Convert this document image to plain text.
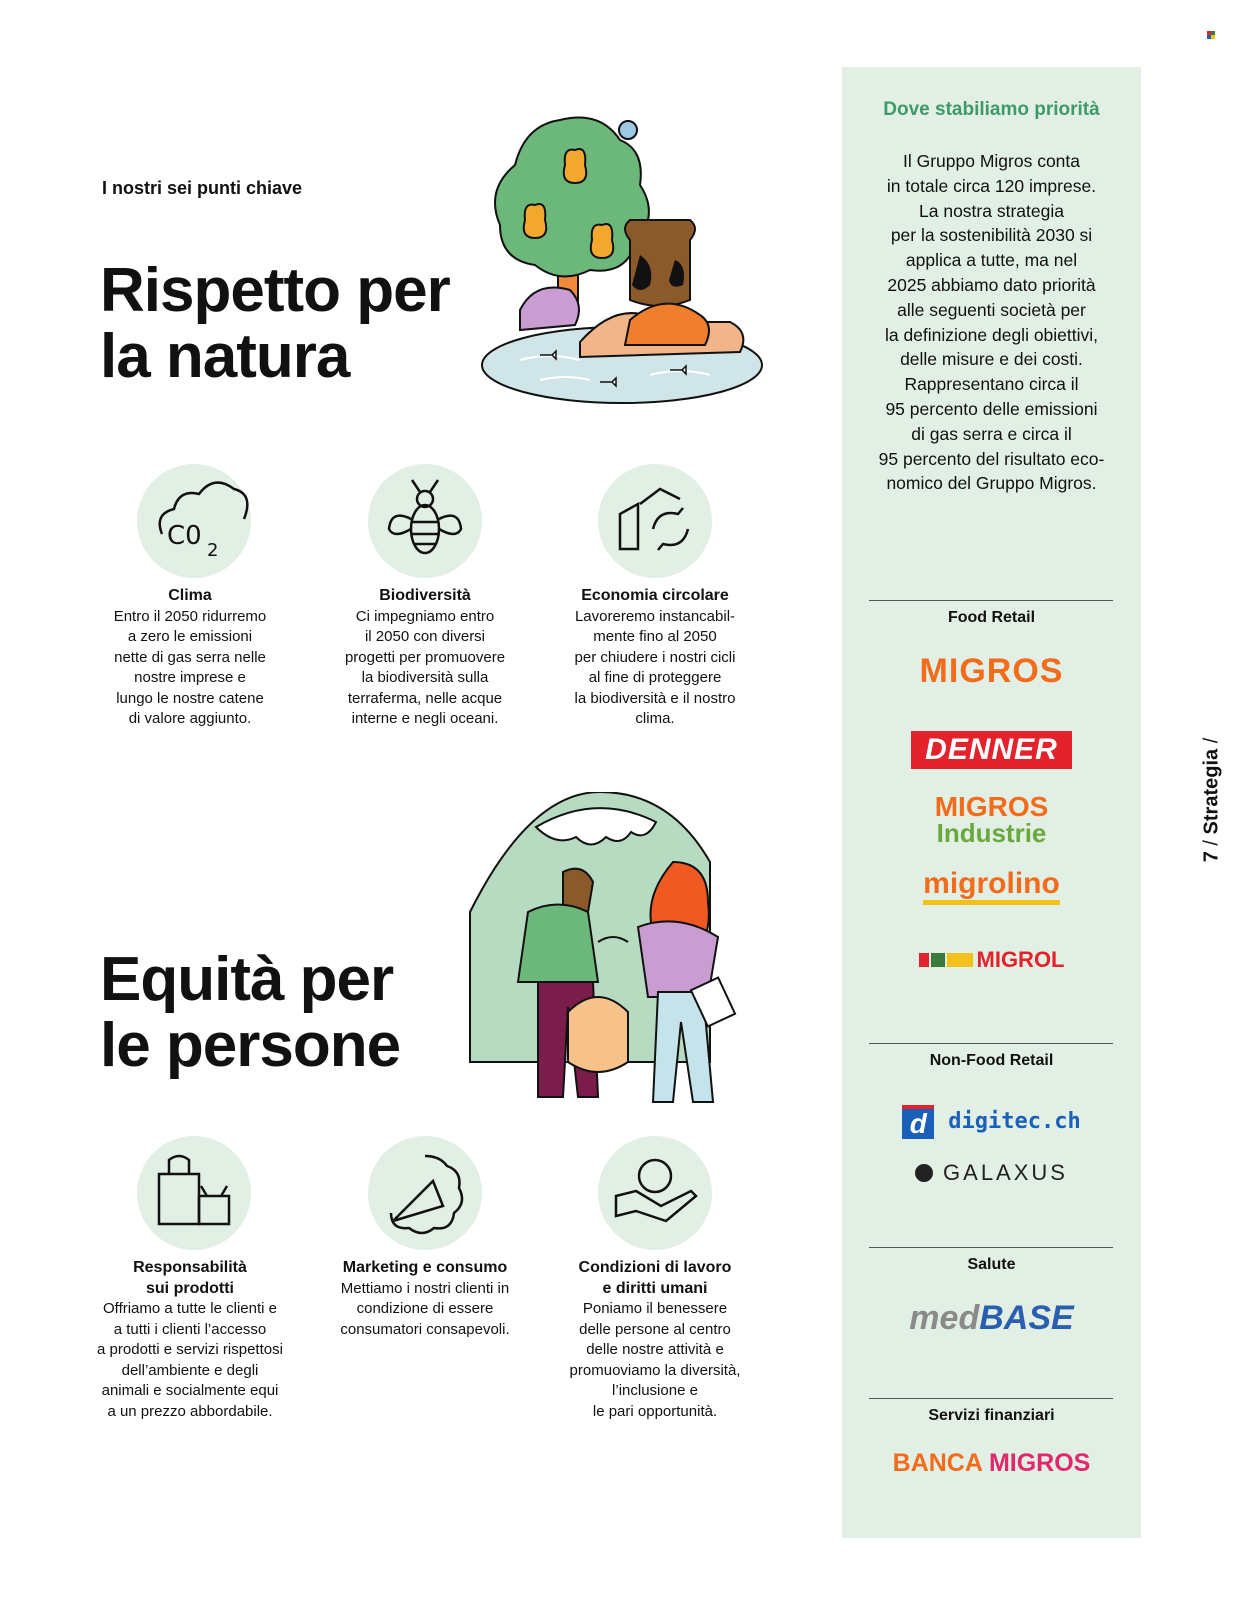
I nostri sei punti chiave
Rispetto per
la natura
C0 2
Clima
Entro il 2050 ridurremo
a zero le emissioni
nette di gas serra nelle
nostre imprese e
lungo le nostre catene
di valore aggiunto.
Biodiversità
Ci impegniamo entro
il 2050 con diversi
progetti per promuovere
la biodiversità sulla
terraferma, nelle acque
interne e negli oceani.
Economia circolare
Lavoreremo instancabil-
mente fino al 2050
per chiudere i nostri cicli
al fine di proteggere
la biodiversità e il nostro
clima.
Equità per
le persone
Responsabilità
sui prodotti
Offriamo a tutte le clienti e
a tutti i clienti l’accesso
a prodotti e servizi rispettosi
dell’ambiente e degli
animali e socialmente equi
a un prezzo abbordabile.
Marketing e consumo
Mettiamo i nostri clienti in
condizione di essere
consumatori consapevoli.
Condizioni di lavoro
e diritti umani
Poniamo il benessere
delle persone al centro
delle nostre attività e
promuoviamo la diversità,
l’inclusione e
le pari opportunità.
Dove stabiliamo priorità
Il Gruppo Migros conta
in totale circa 120 imprese.
La nostra strategia
per la sostenibilità 2030 si
applica a tutte, ma nel
2025 abbiamo dato priorità
alle seguenti società per
la definizione degli obiettivi,
delle misure e dei costi.
Rappresentano circa il
95 percento delle emissioni
di gas serra e circa il
95 percento del risultato eco-
nomico del Gruppo Migros.
Food Retail
MIGROS
DENNER
MIGROS
Industrie
migrolino
MIGROL
Non-Food Retail
d digitec.ch
GALAXUS
Salute
medBASE
Servizi finanziari
BANCA MIGROS
7 / Strategia /
